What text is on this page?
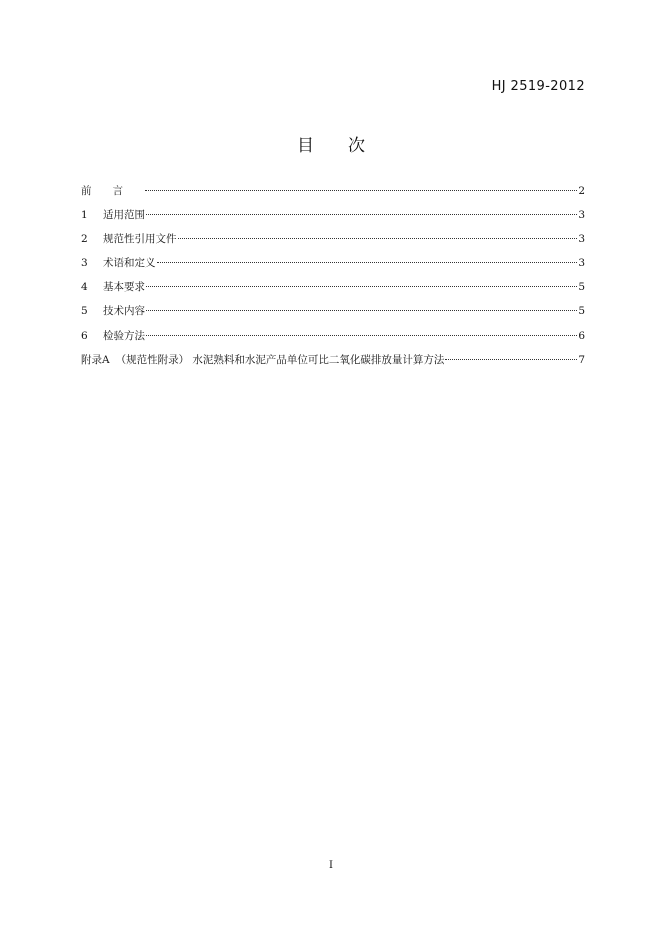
HJ 2519-2012
目次
前言	2
1	适用范围	3
2	规范性引用文件	3
3	术语和定义	3
4	基本要求	5
5	技术内容	5
6	检验方法	6
附录A （规范性附录） 水泥熟料和水泥产品单位可比二氧化碳排放量计算方法	7
I
